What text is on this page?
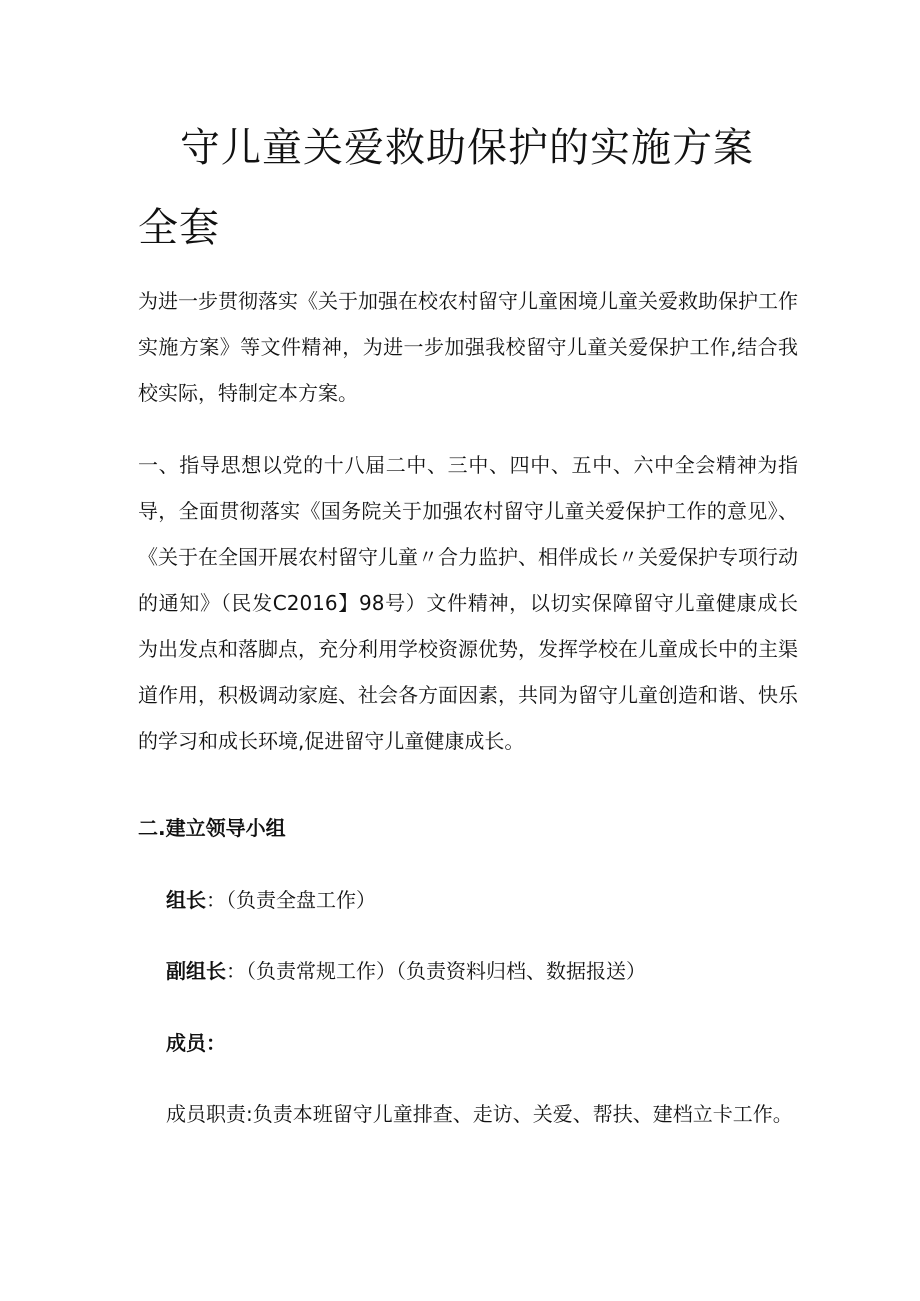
守儿童关爱救助保护的实施方案
全套

为进一步贯彻落实《关于加强在校农村留守儿童困境儿童关爱救助保护工作实施方案》等文件精神，为进一步加强我校留守儿童关爱保护工作,结合我校实际，特制定本方案。

一、指导思想以党的十八届二中、三中、四中、五中、六中全会精神为指导，全面贯彻落实《国务院关于加强农村留守儿童关爱保护工作的意见》、《关于在全国开展农村留守儿童〃合力监护、相伴成长〃关爱保护专项行动的通知》（民发C2016】98号）文件精神，以切实保障留守儿童健康成长为出发点和落脚点，充分利用学校资源优势，发挥学校在儿童成长中的主渠道作用，积极调动家庭、社会各方面因素，共同为留守儿童创造和谐、快乐的学习和成长环境,促进留守儿童健康成长。

二.建立领导小组

组长：（负责全盘工作）

副组长：（负责常规工作）（负责资料归档、数据报送）

成员：

成员职责:负责本班留守儿童排查、走访、关爱、帮扶、建档立卡工作。
